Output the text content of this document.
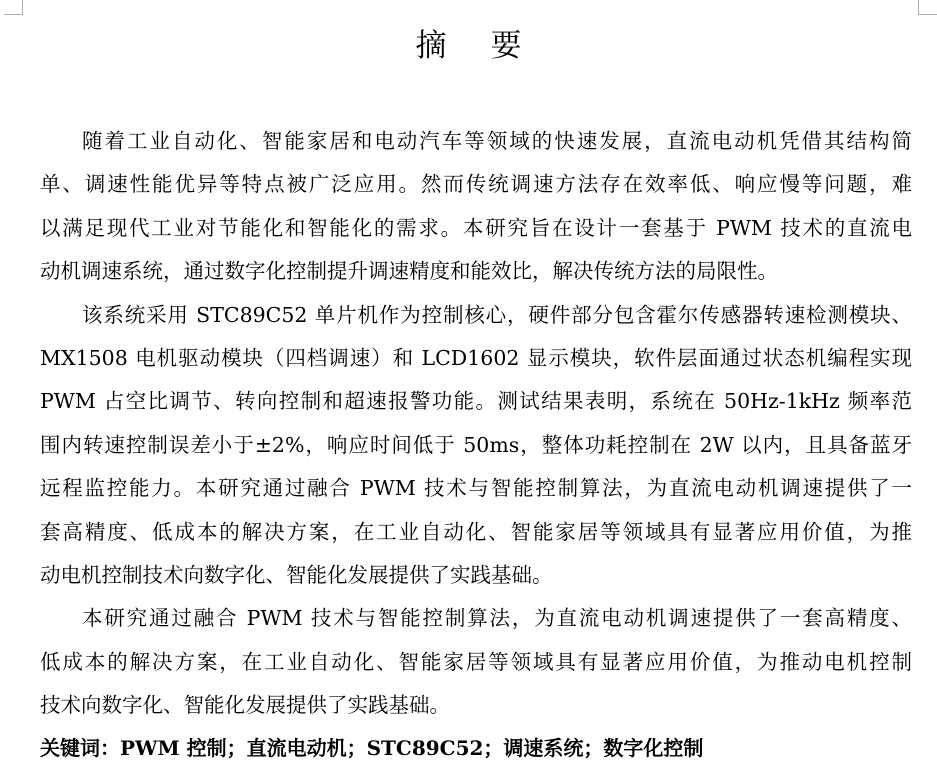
摘 要
随着工业自动化、智能家居和电动汽车等领域的快速发展，直流电动机凭借其结构简
单、调速性能优异等特点被广泛应用。然而传统调速方法存在效率低、响应慢等问题，难
以满足现代工业对节能化和智能化的需求。本研究旨在设计一套基于 PWM 技术的直流电
动机调速系统，通过数字化控制提升调速精度和能效比，解决传统方法的局限性。
该系统采用 STC89C52 单片机作为控制核心，硬件部分包含霍尔传感器转速检测模块、
MX1508 电机驱动模块（四档调速）和 LCD1602 显示模块，软件层面通过状态机编程实现
PWM 占空比调节、转向控制和超速报警功能。测试结果表明，系统在 50Hz-1kHz 频率范
围内转速控制误差小于±2%，响应时间低于 50ms，整体功耗控制在 2W 以内，且具备蓝牙
远程监控能力。本研究通过融合 PWM 技术与智能控制算法，为直流电动机调速提供了一
套高精度、低成本的解决方案，在工业自动化、智能家居等领域具有显著应用价值，为推
动电机控制技术向数字化、智能化发展提供了实践基础。
本研究通过融合 PWM 技术与智能控制算法，为直流电动机调速提供了一套高精度、
低成本的解决方案，在工业自动化、智能家居等领域具有显著应用价值，为推动电机控制
技术向数字化、智能化发展提供了实践基础。
关键词：PWM 控制；直流电动机；STC89C52；调速系统；数字化控制
